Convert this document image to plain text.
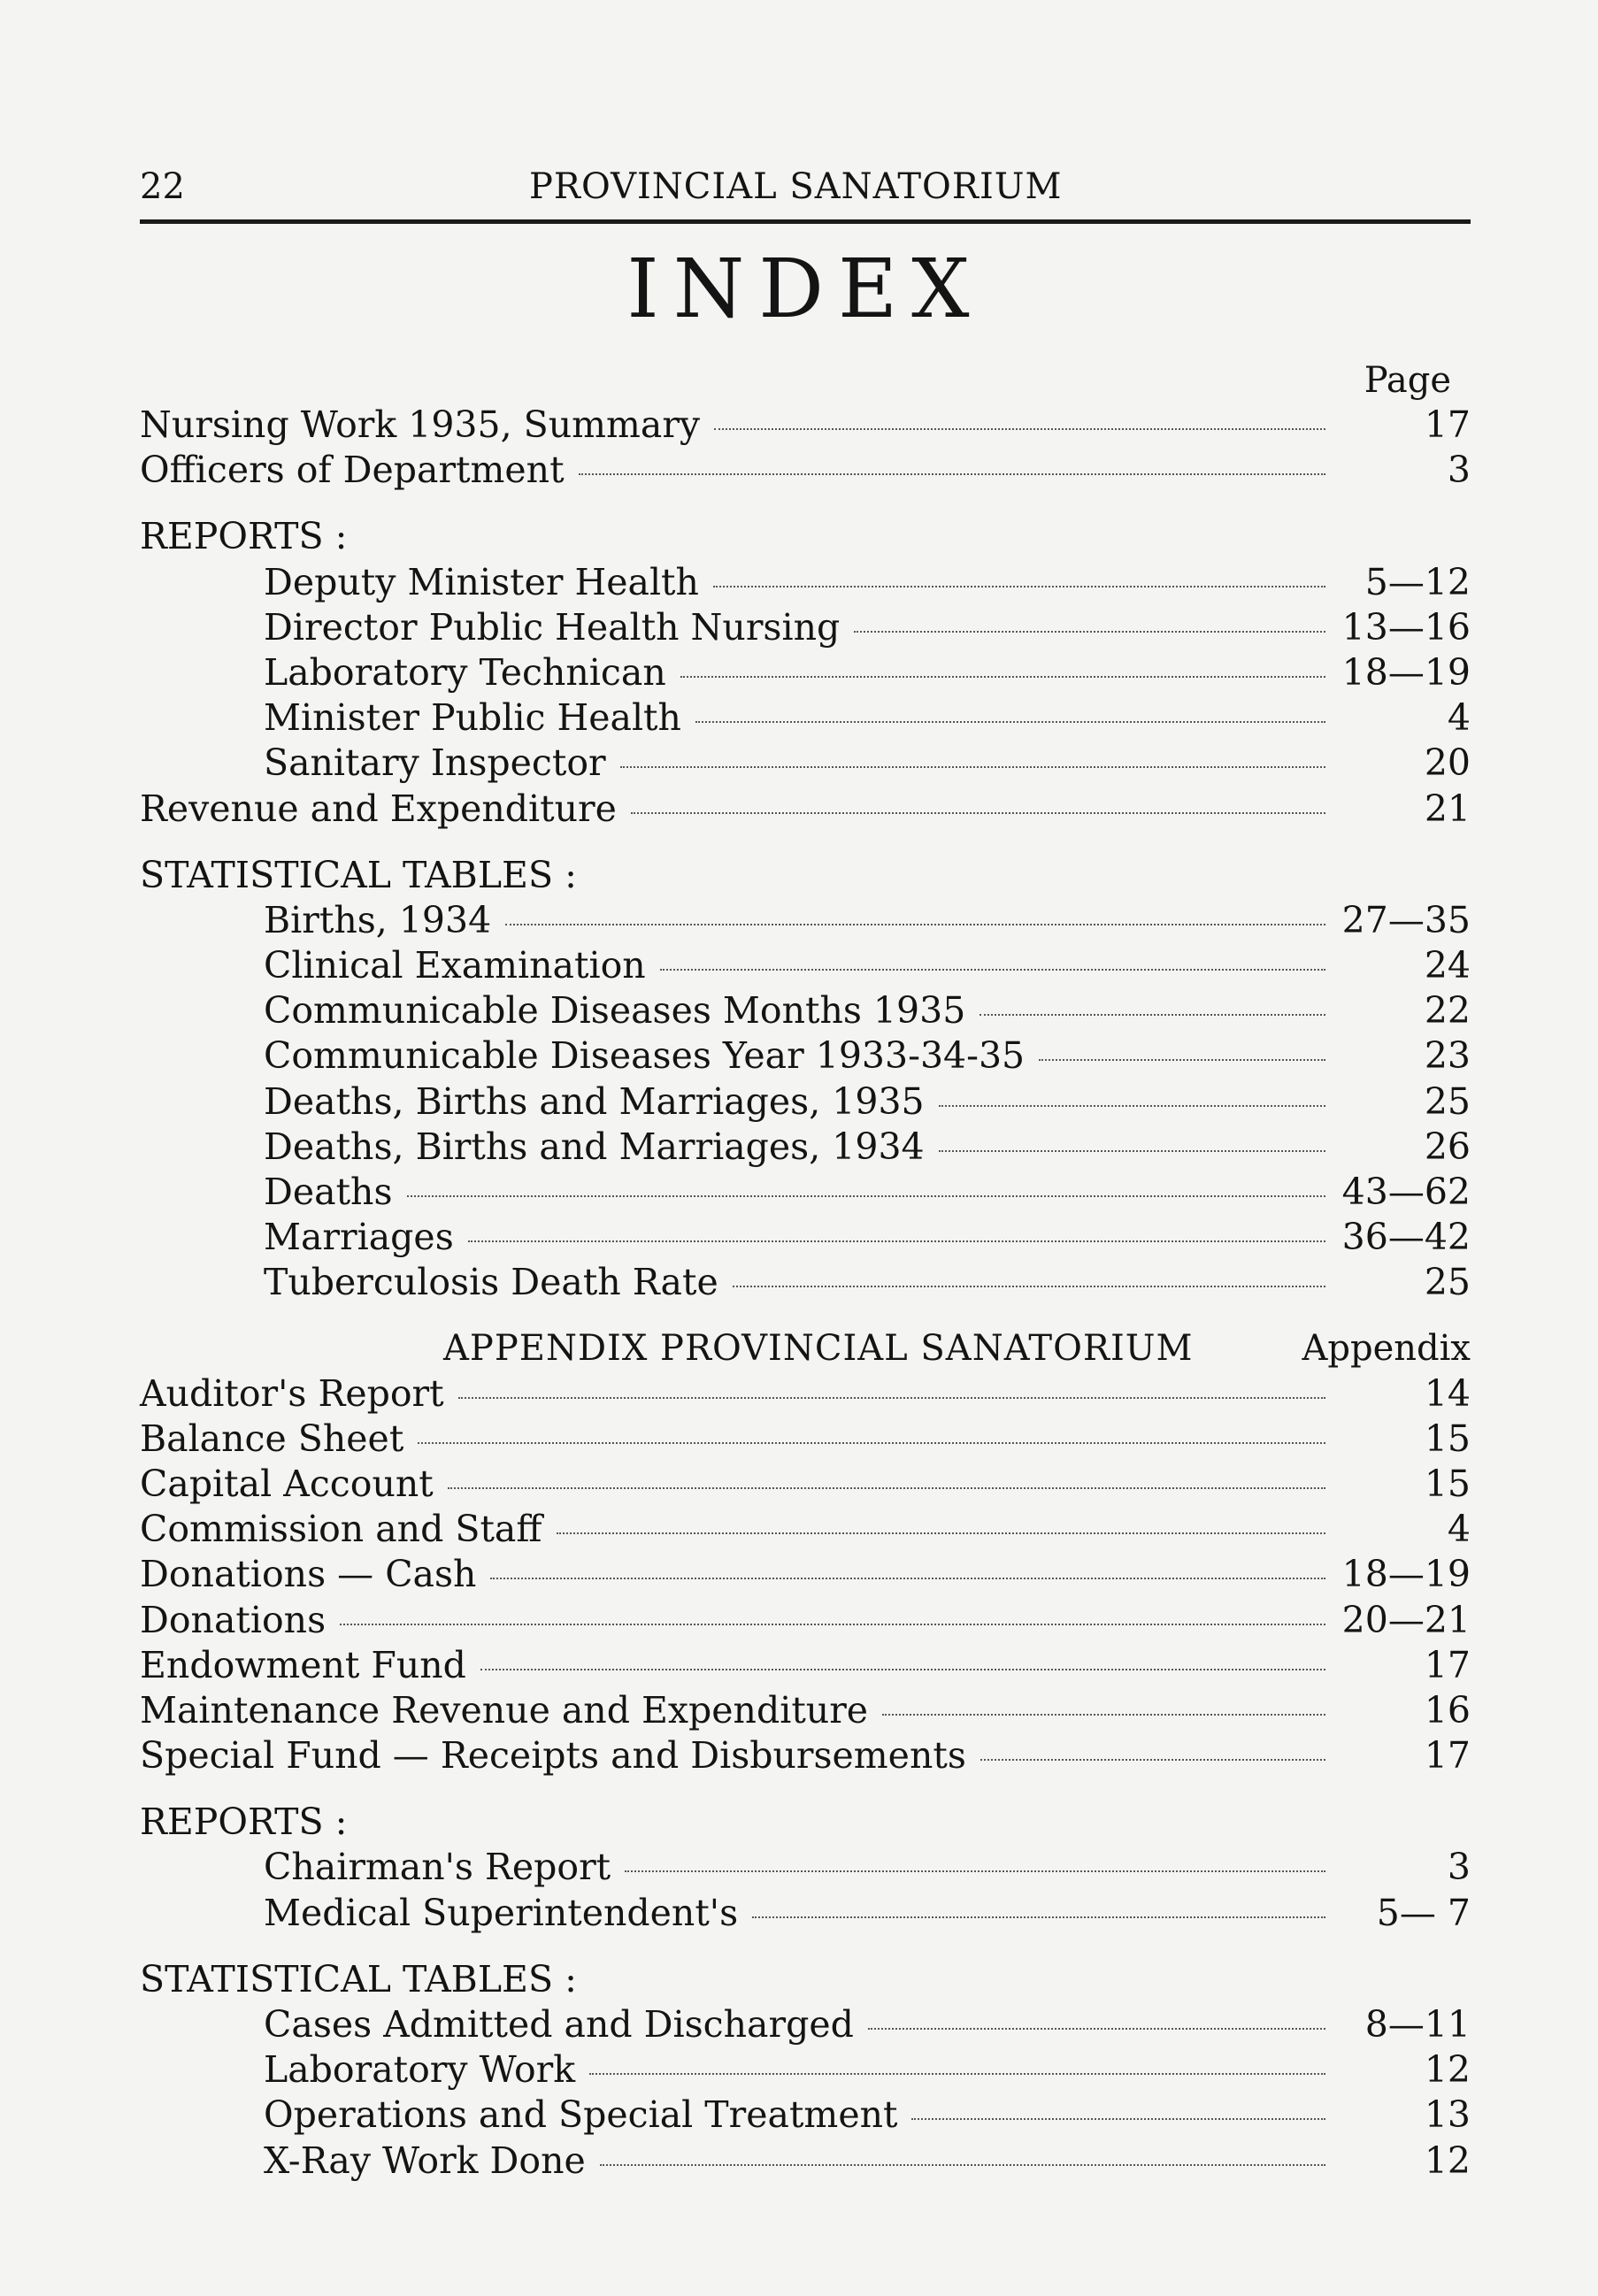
22	PROVINCIAL SANATORIUM
INDEX
Page
Nursing Work 1935, Summary	17
Officers of Department	3
REPORTS :
Deputy Minister Health	5—12
Director Public Health Nursing	13—16
Laboratory Technican	18—19
Minister Public Health	4
Sanitary Inspector	20
Revenue and Expenditure	21
STATISTICAL TABLES :
Births, 1934	27—35
Clinical Examination	24
Communicable Diseases Months 1935	22
Communicable Diseases Year 1933-34-35	23
Deaths, Births and Marriages, 1935	25
Deaths, Births and Marriages, 1934	26
Deaths	43—62
Marriages	36—42
Tuberculosis Death Rate	25
APPENDIX PROVINCIAL SANATORIUM	Appendix
Auditor's Report	14
Balance Sheet	15
Capital Account	15
Commission and Staff	4
Donations — Cash	18—19
Donations	20—21
Endowment Fund	17
Maintenance Revenue and Expenditure	16
Special Fund — Receipts and Disbursements	17
REPORTS :
Chairman's Report	3
Medical Superintendent's	5— 7
STATISTICAL TABLES :
Cases Admitted and Discharged	8—11
Laboratory Work	12
Operations and Special Treatment	13
X-Ray Work Done	12
